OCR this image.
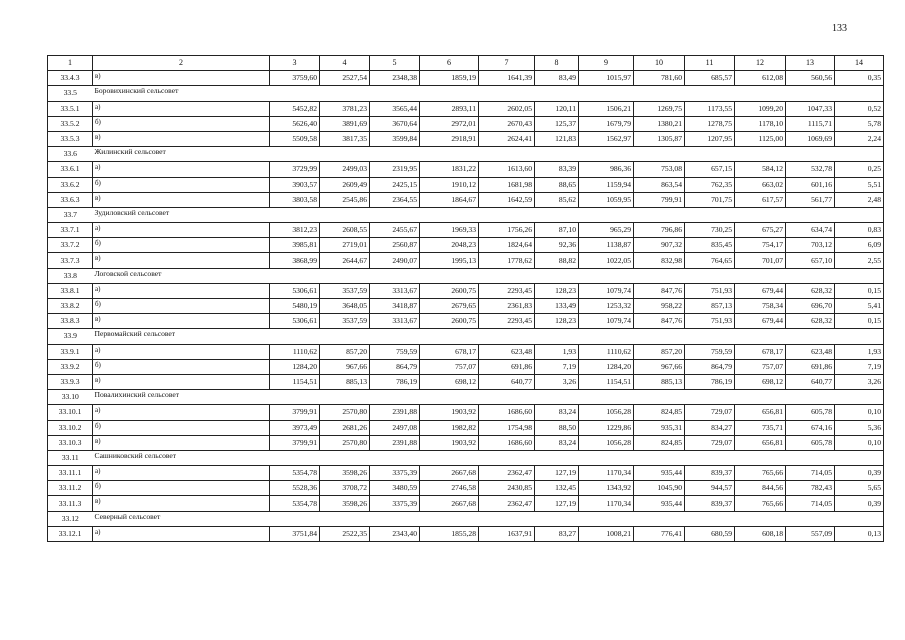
133
1	2	3	4	5	6	7	8	9	10	11	12	13	14
33.4.3	в)	3759,60	2527,54	2348,38	1859,19	1641,39	83,49	1015,97	781,60	685,57	612,08	560,56	0,35
33.5	Боровихинский сельсовет												
33.5.1	а)	5452,82	3781,23	3565,44	2893,11	2602,05	120,11	1506,21	1269,75	1173,55	1099,20	1047,33	0,52
33.5.2	б)	5626,40	3891,69	3670,64	2972,01	2670,43	125,37	1679,79	1380,21	1278,75	1178,10	1115,71	5,78
33.5.3	в)	5509,58	3817,35	3599,84	2918,91	2624,41	121,83	1562,97	1305,87	1207,95	1125,00	1069,69	2,24
33.6	Жилинский сельсовет												
33.6.1	а)	3729,99	2499,03	2319,95	1831,22	1613,60	83,39	986,36	753,08	657,15	584,12	532,78	0,25
33.6.2	б)	3903,57	2609,49	2425,15	1910,12	1681,98	88,65	1159,94	863,54	762,35	663,02	601,16	5,51
33.6.3	в)	3803,58	2545,86	2364,55	1864,67	1642,59	85,62	1059,95	799,91	701,75	617,57	561,77	2,48
33.7	Зудиловский сельсовет												
33.7.1	а)	3812,23	2608,55	2455,67	1969,33	1756,26	87,10	965,29	796,86	730,25	675,27	634,74	0,83
33.7.2	б)	3985,81	2719,01	2560,87	2048,23	1824,64	92,36	1138,87	907,32	835,45	754,17	703,12	6,09
33.7.3	в)	3868,99	2644,67	2490,07	1995,13	1778,62	88,82	1022,05	832,98	764,65	701,07	657,10	2,55
33.8	Логовской сельсовет												
33.8.1	а)	5306,61	3537,59	3313,67	2600,75	2293,45	128,23	1079,74	847,76	751,93	679,44	628,32	0,15
33.8.2	б)	5480,19	3648,05	3418,87	2679,65	2361,83	133,49	1253,32	958,22	857,13	758,34	696,70	5,41
33.8.3	в)	5306,61	3537,59	3313,67	2600,75	2293,45	128,23	1079,74	847,76	751,93	679,44	628,32	0,15
33.9	Первомайский сельсовет												
33.9.1	а)	1110,62	857,20	759,59	678,17	623,48	1,93	1110,62	857,20	759,59	678,17	623,48	1,93
33.9.2	б)	1284,20	967,66	864,79	757,07	691,86	7,19	1284,20	967,66	864,79	757,07	691,86	7,19
33.9.3	в)	1154,51	885,13	786,19	698,12	640,77	3,26	1154,51	885,13	786,19	698,12	640,77	3,26
33.10	Повалихинский сельсовет												
33.10.1	а)	3799,91	2570,80	2391,88	1903,92	1686,60	83,24	1056,28	824,85	729,07	656,81	605,78	0,10
33.10.2	б)	3973,49	2681,26	2497,08	1982,82	1754,98	88,50	1229,86	935,31	834,27	735,71	674,16	5,36
33.10.3	в)	3799,91	2570,80	2391,88	1903,92	1686,60	83,24	1056,28	824,85	729,07	656,81	605,78	0,10
33.11	Сашниковский сельсовет												
33.11.1	а)	5354,78	3598,26	3375,39	2667,68	2362,47	127,19	1170,34	935,44	839,37	765,66	714,05	0,39
33.11.2	б)	5528,36	3708,72	3480,59	2746,58	2430,85	132,45	1343,92	1045,90	944,57	844,56	782,43	5,65
33.11.3	в)	5354,78	3598,26	3375,39	2667,68	2362,47	127,19	1170,34	935,44	839,37	765,66	714,05	0,39
33.12	Северный сельсовет												
33.12.1	а)	3751,84	2522,35	2343,40	1855,28	1637,91	83,27	1008,21	776,41	680,59	608,18	557,09	0,13
